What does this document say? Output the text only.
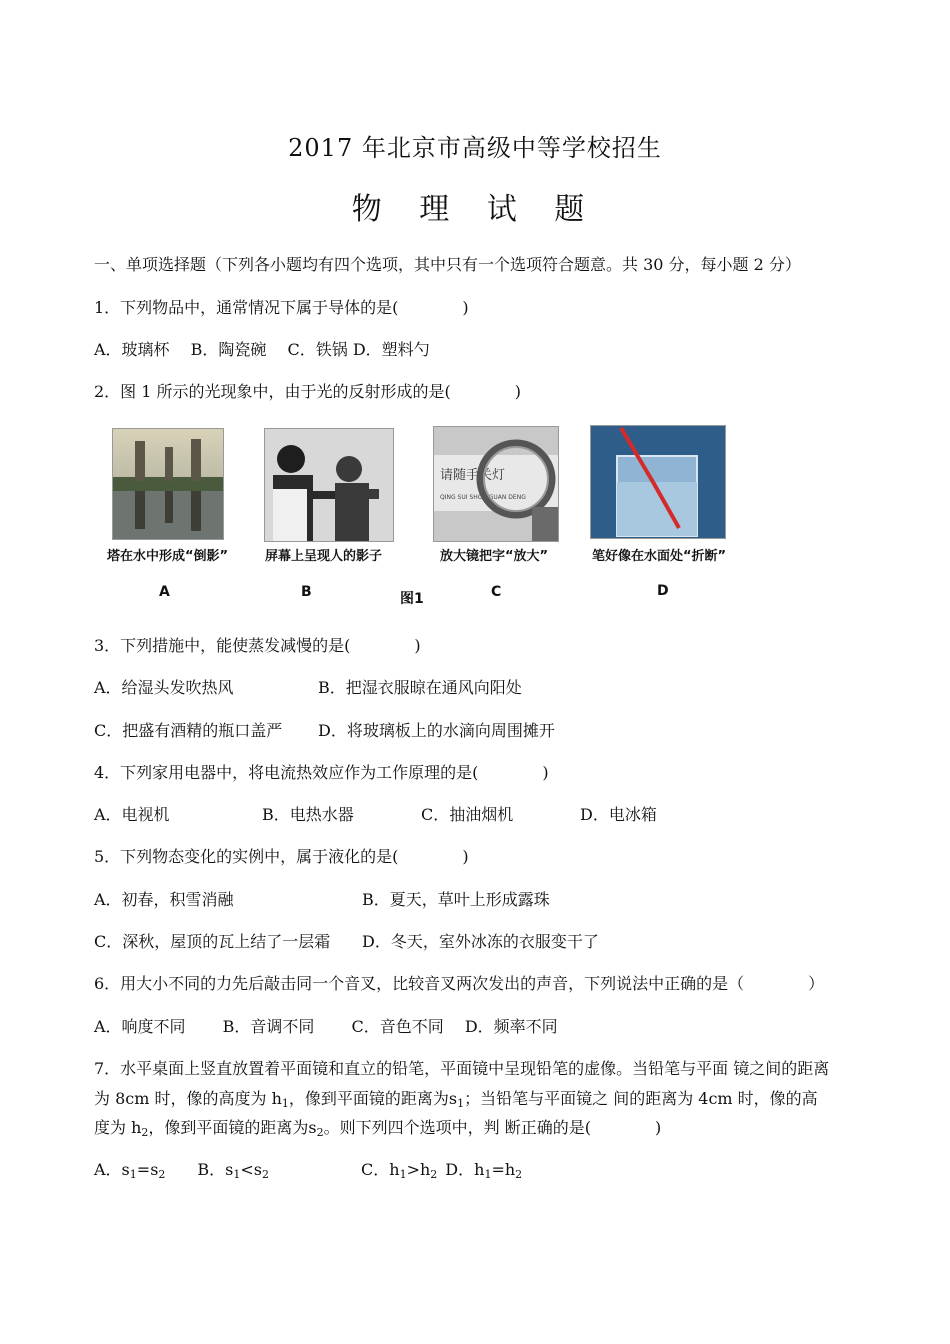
2017 年北京市高级中等学校招生
物 理 试 题
一、单项选择题（下列各小题均有四个选项，其中只有一个选项符合题意。共 30 分，每小题 2 分）
1．下列物品中，通常情况下属于导体的是(　　　　)
A．玻璃杯　 B．陶瓷碗　 C．铁锅 D．塑料勺
2．图 1 所示的光现象中，由于光的反射形成的是(　　　　)
请随手关灯
QING SUI SHOU GUAN DENG
塔在水中形成“倒影”	屏幕上呈现人的影子	放大镜把字“放大”	笔好像在水面处“折断”
A	B	图1	C	D
3．下列措施中，能使蒸发减慢的是(　　　　)
A．给湿头发吹热风	B．把湿衣服晾在通风向阳处
C．把盛有酒精的瓶口盖严 D．将玻璃板上的水滴向周围摊开
4．下列家用电器中，将电流热效应作为工作原理的是(　　　　)
A．电视机	B．电热水器	C．抽油烟机	D．电冰箱
5．下列物态变化的实例中，属于液化的是(　　　　)
A．初春，积雪消融	B．夏天，草叶上形成露珠
C．深秋，屋顶的瓦上结了一层霜 D．冬天，室外冰冻的衣服变干了
6．用大小不同的力先后敲击同一个音叉，比较音叉两次发出的声音，下列说法中正确的是（　　　　）
A．响度不同　　 B．音调不同　　 C．音色不同　 D．频率不同
7．水平桌面上竖直放置着平面镜和直立的铅笔，平面镜中呈现铅笔的虚像。当铅笔与平面 镜之间的距离
为 8cm 时，像的高度为 $h_1$，像到平面镜的距离为$s_1$；当铅笔与平面镜之 间的距离为 4cm 时，像的高
度为 $h_2$，像到平面镜的距离为$s_2$。则下列四个选项中，判 断正确的是(　　　　)
A．$s_1=s_2$ B．$s_1<s_2$	C．$h_1>h_2$ D．$h_1=h_2$
